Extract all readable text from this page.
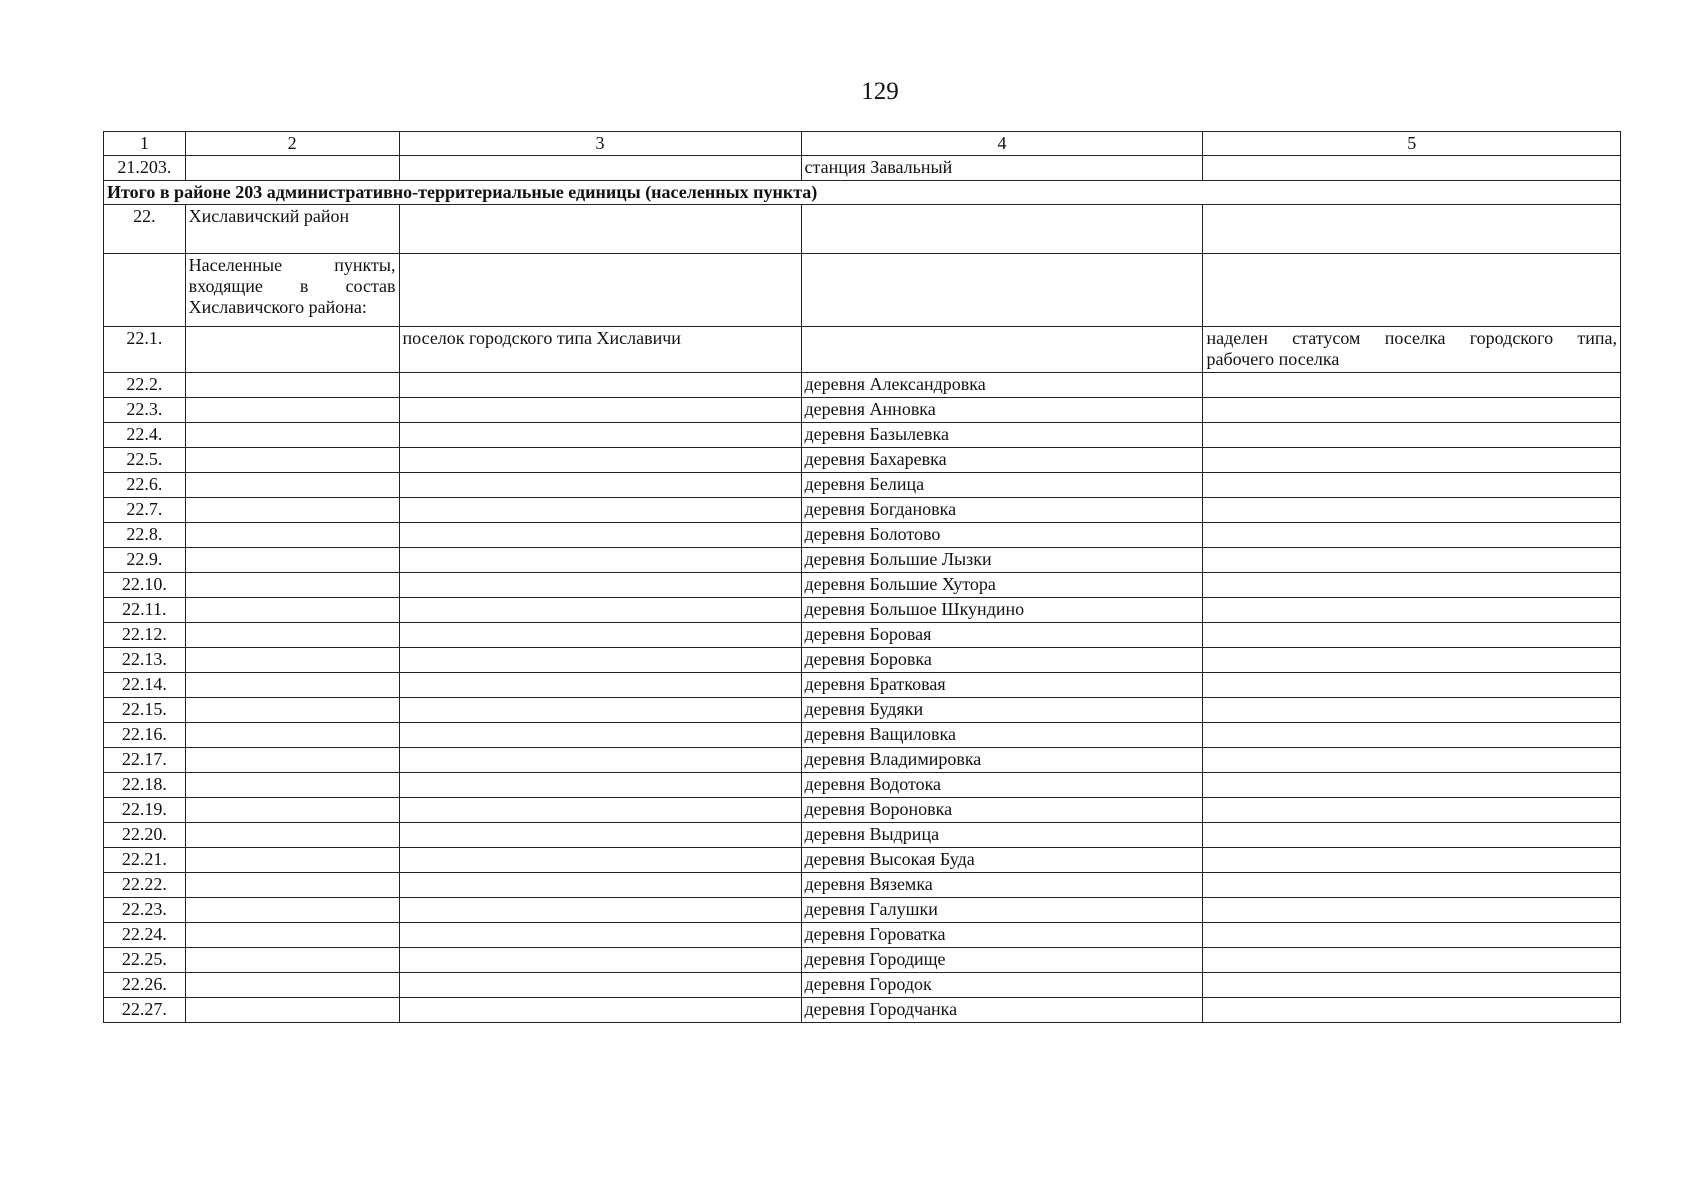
129
1	2	3	4	5
21.203.			станция Завальный	
Итого в районе 203 административно-территериальные единицы (населенных пункта)				
22.	Хиславичский район			

	Населенные пункты,
входящие в состав
Хиславичского района:			

22.1.		поселок городского типа Хиславичи		наделен статусом поселка городского типа,
рабочего поселка

22.2.			деревня Александровка	
22.3.			деревня Анновка	
22.4.			деревня Базылевка	
22.5.			деревня Бахаревка	
22.6.			деревня Белица	
22.7.			деревня Богдановка	
22.8.			деревня Болотово	
22.9.			деревня Большие Лызки	
22.10.			деревня Большие Хутора	
22.11.			деревня Большое Шкундино	
22.12.			деревня Боровая	
22.13.			деревня Боровка	
22.14.			деревня Братковая	
22.15.			деревня Будяки	
22.16.			деревня Ващиловка	
22.17.			деревня Владимировка	
22.18.			деревня Водотока	
22.19.			деревня Вороновка	
22.20.			деревня Выдрица	
22.21.			деревня Высокая Буда	
22.22.			деревня Вяземка	
22.23.			деревня Галушки	
22.24.			деревня Гороватка	
22.25.			деревня Городище	
22.26.			деревня Городок	
22.27.			деревня Городчанка	
